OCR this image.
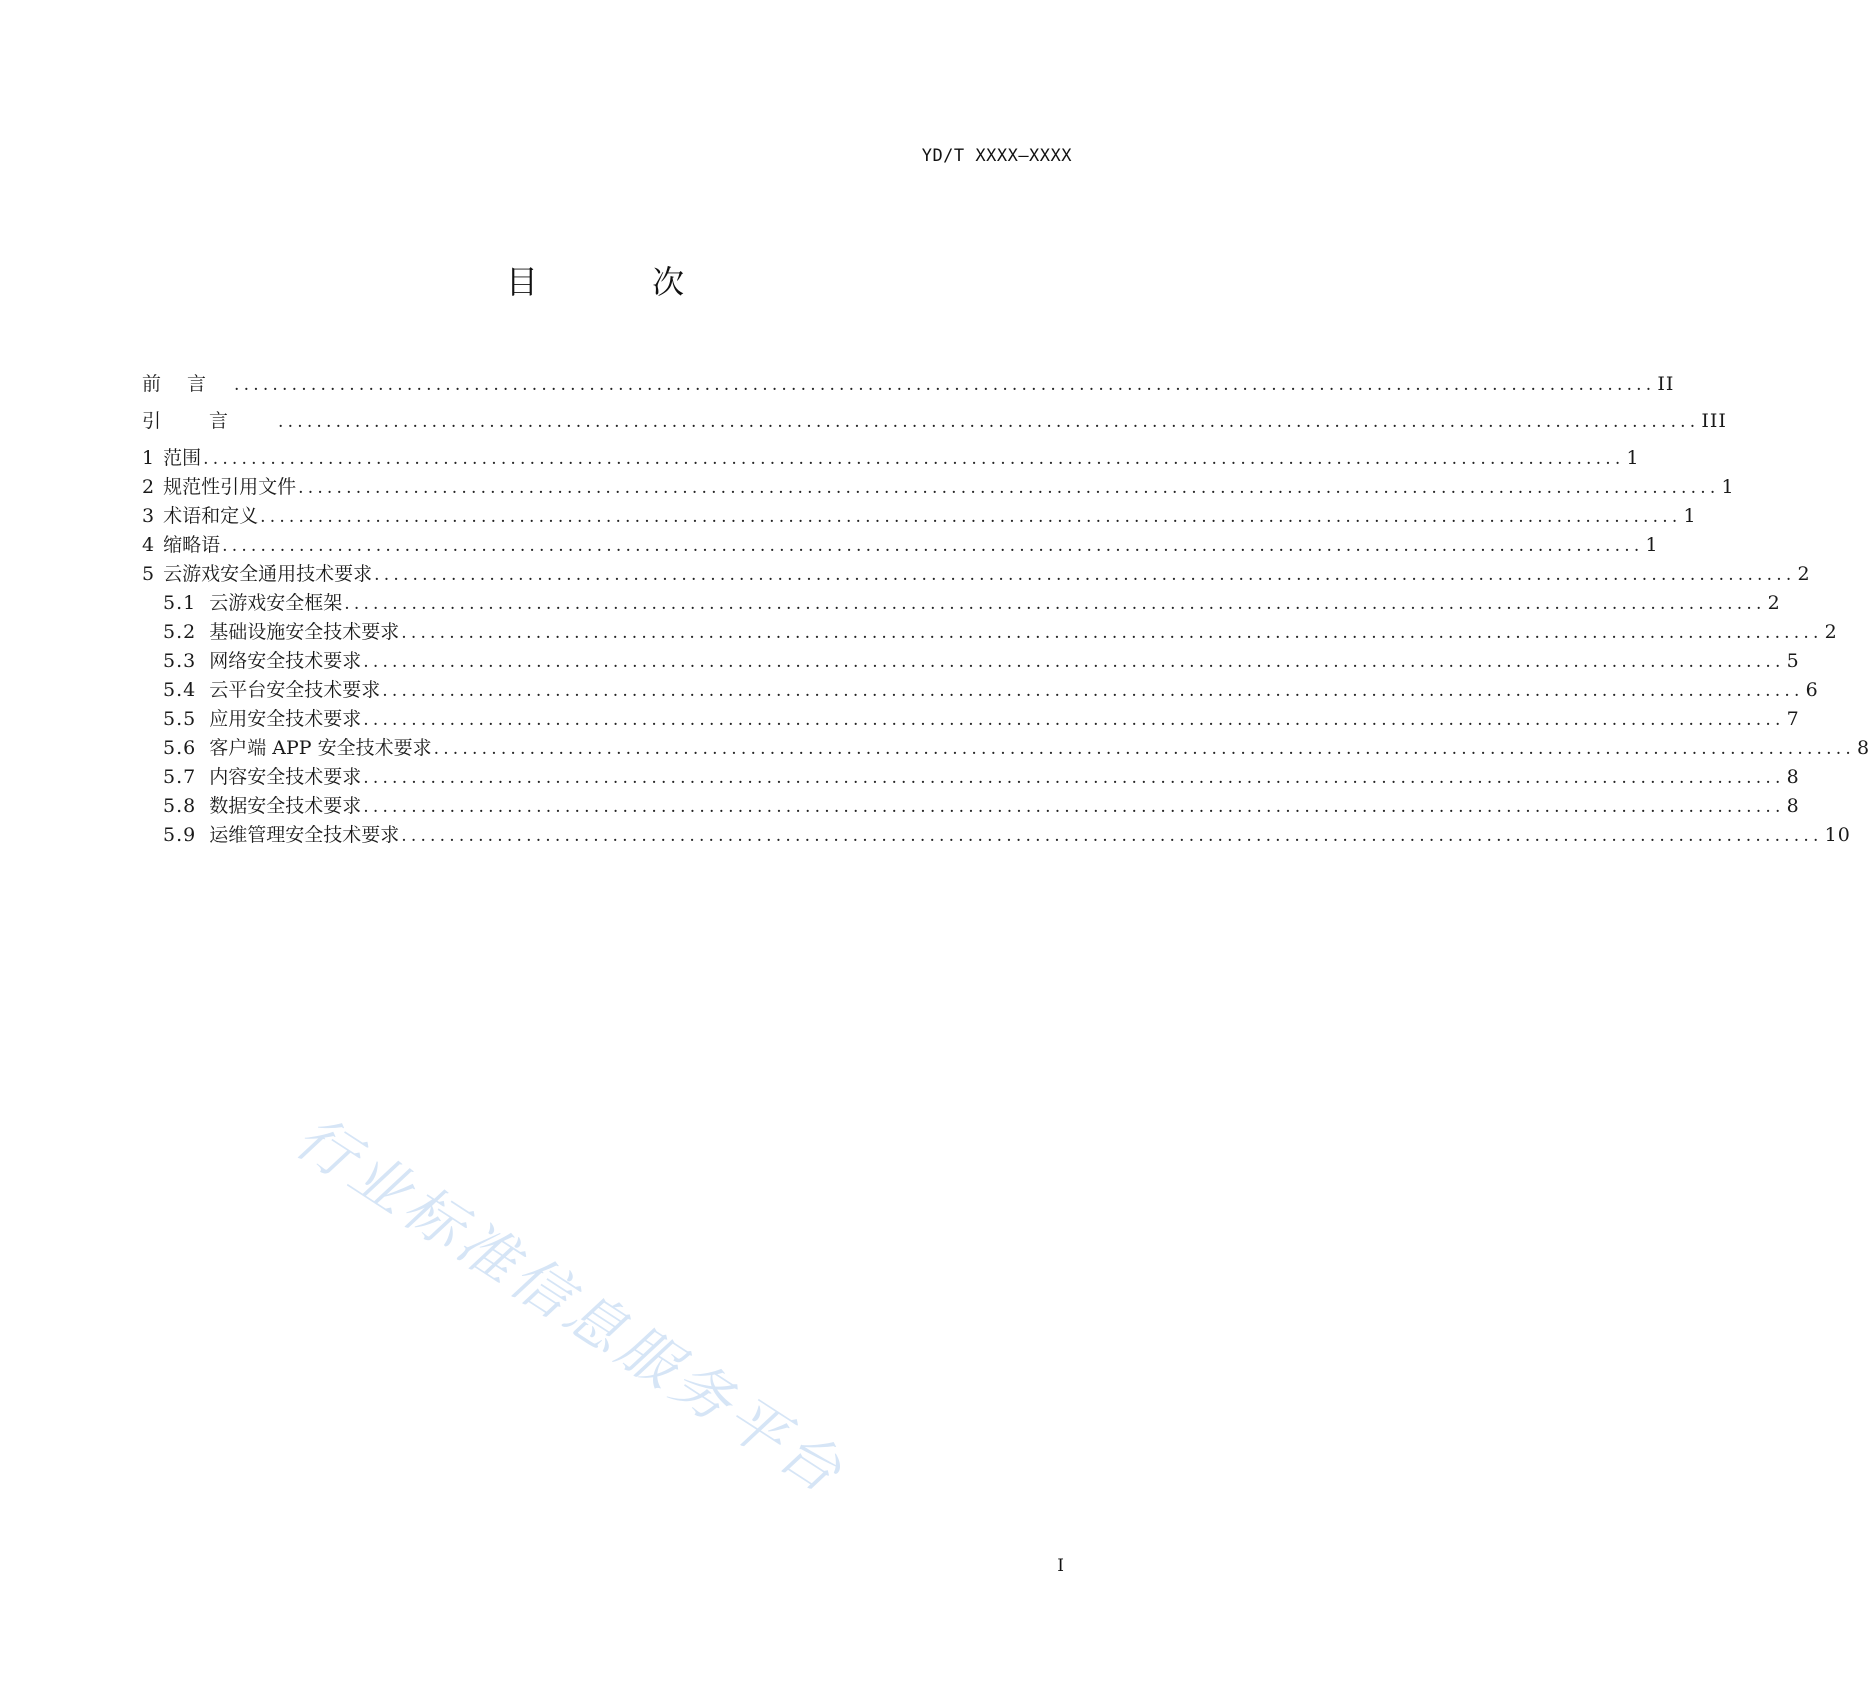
YD/T XXXX—XXXX
目 次
前言 .................................................................................................................................................... II
引言 .................................................................................................................................................... III
1 范围 .................................................................................................................................................... 1
2 规范性引用文件 .................................................................................................................................................... 1
3 术语和定义 .................................................................................................................................................... 1
4 缩略语 .................................................................................................................................................... 1
5 云游戏安全通用技术要求 .................................................................................................................................................... 2
5.1 云游戏安全框架 .................................................................................................................................................... 2
5.2 基础设施安全技术要求 .................................................................................................................................................... 2
5.3 网络安全技术要求 .................................................................................................................................................... 5
5.4 云平台安全技术要求 .................................................................................................................................................... 6
5.5 应用安全技术要求 .................................................................................................................................................... 7
5.6 客户端 APP 安全技术要求 .................................................................................................................................................... 8
5.7 内容安全技术要求 .................................................................................................................................................... 8
5.8 数据安全技术要求 .................................................................................................................................................... 8
5.9 运维管理安全技术要求 .................................................................................................................................................... 10
行业标准信息服务平台
I
